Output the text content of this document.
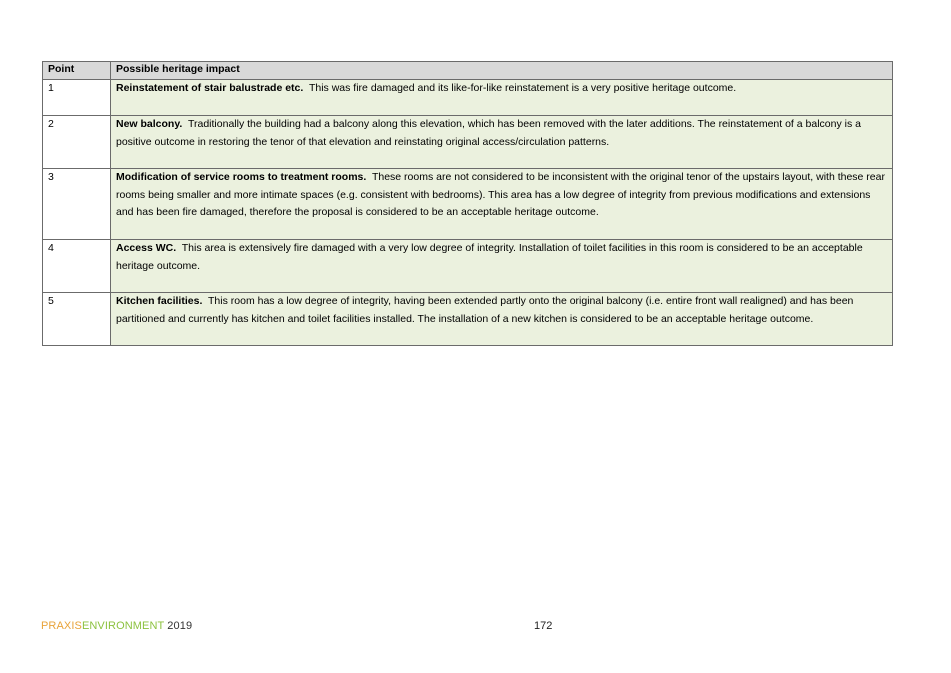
Point	Possible heritage impact
1	Reinstatement of stair balustrade etc. This was fire damaged and its like-for-like reinstatement is a very positive heritage outcome.
2	New balcony. Traditionally the building had a balcony along this elevation, which has been removed with the later additions. The reinstatement of a balcony is a positive outcome in restoring the tenor of that elevation and reinstating original access/circulation patterns.
3	Modification of service rooms to treatment rooms. These rooms are not considered to be inconsistent with the original tenor of the upstairs layout, with these rear rooms being smaller and more intimate spaces (e.g. consistent with bedrooms). This area has a low degree of integrity from previous modifications and extensions and has been fire damaged, therefore the proposal is considered to be an acceptable heritage outcome.
4	Access WC. This area is extensively fire damaged with a very low degree of integrity. Installation of toilet facilities in this room is considered to be an acceptable heritage outcome.
5	Kitchen facilities. This room has a low degree of integrity, having been extended partly onto the original balcony (i.e. entire front wall realigned) and has been partitioned and currently has kitchen and toilet facilities installed. The installation of a new kitchen is considered to be an acceptable heritage outcome.
PRAXISENVIRONMENT 2019	172
